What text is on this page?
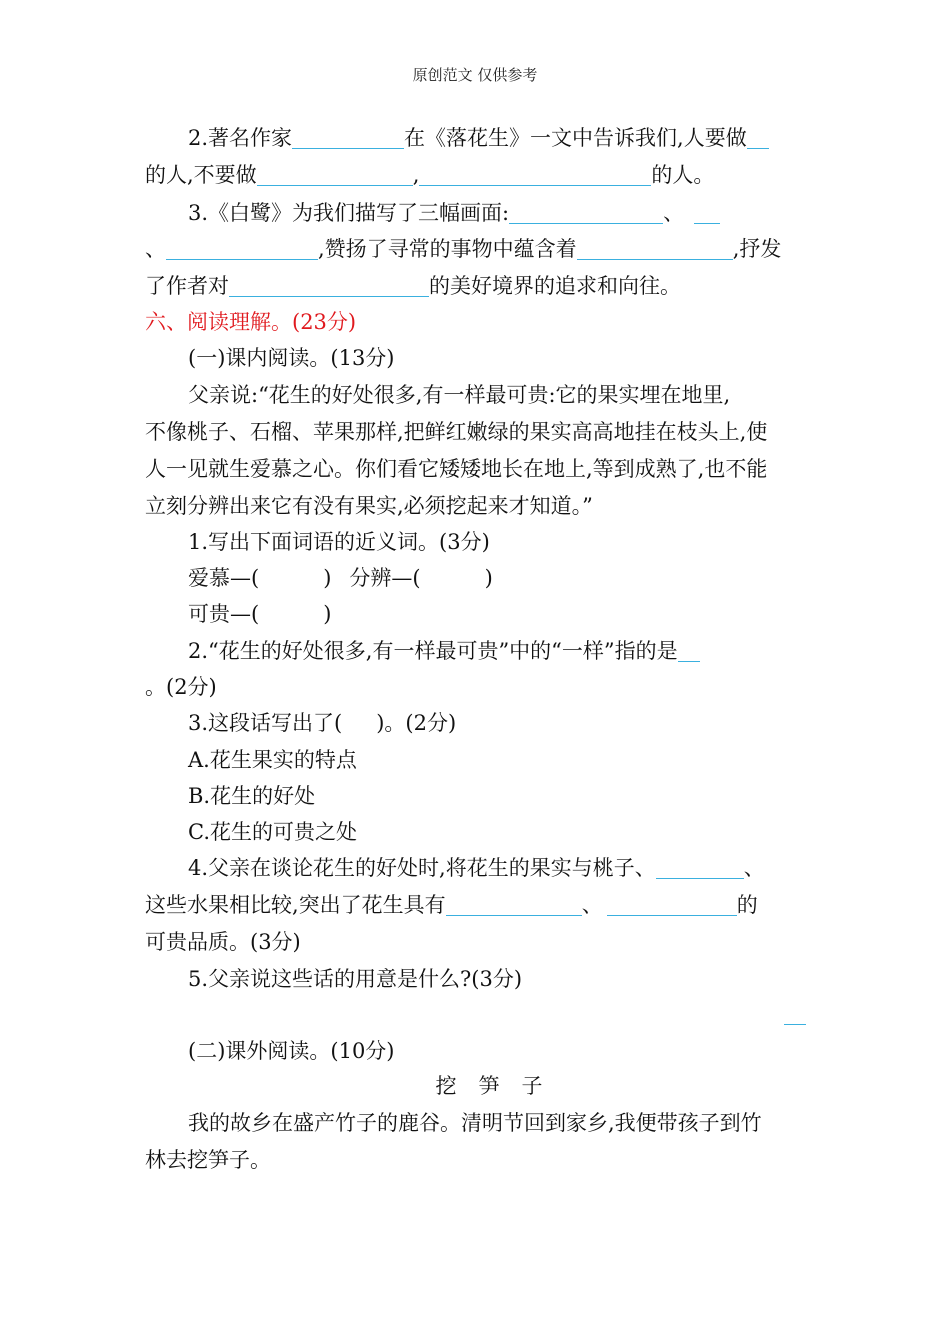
原创范文 仅供参考
2.著名作家	在《落花生》一文中告诉我们,人要做
的人,不要做	,	的人。
3.《白鹭》为我们描写了三幅画面:	、
、	,赞扬了寻常的事物中蕴含着	,抒发
了作者对	的美好境界的追求和向往。
六、阅读理解。(23分)
(一)课内阅读。(13分)
父亲说:“花生的好处很多,有一样最可贵:它的果实埋在地里,
不像桃子、石榴、苹果那样,把鲜红嫩绿的果实高高地挂在枝头上,使
人一见就生爱慕之心。你们看它矮矮地长在地上,等到成熟了,也不能
立刻分辨出来它有没有果实,必须挖起来才知道。”
1.写出下面词语的近义词。(3分)
爱慕—(	) 分辨—(	)
可贵—(	)
2.“花生的好处很多,有一样最可贵”中的“一样”指的是
。(2分)
3.这段话写出了( )。(2分)
A.花生果实的特点
B.花生的好处
C.花生的可贵之处
4.父亲在谈论花生的好处时,将花生的果实与桃子、	、
这些水果相比较,突出了花生具有	、	的
可贵品质。(3分)
5.父亲说这些话的用意是什么?(3分)
(二)课外阅读。(10分)
挖笋子
我的故乡在盛产竹子的鹿谷。清明节回到家乡,我便带孩子到竹
林去挖笋子。
